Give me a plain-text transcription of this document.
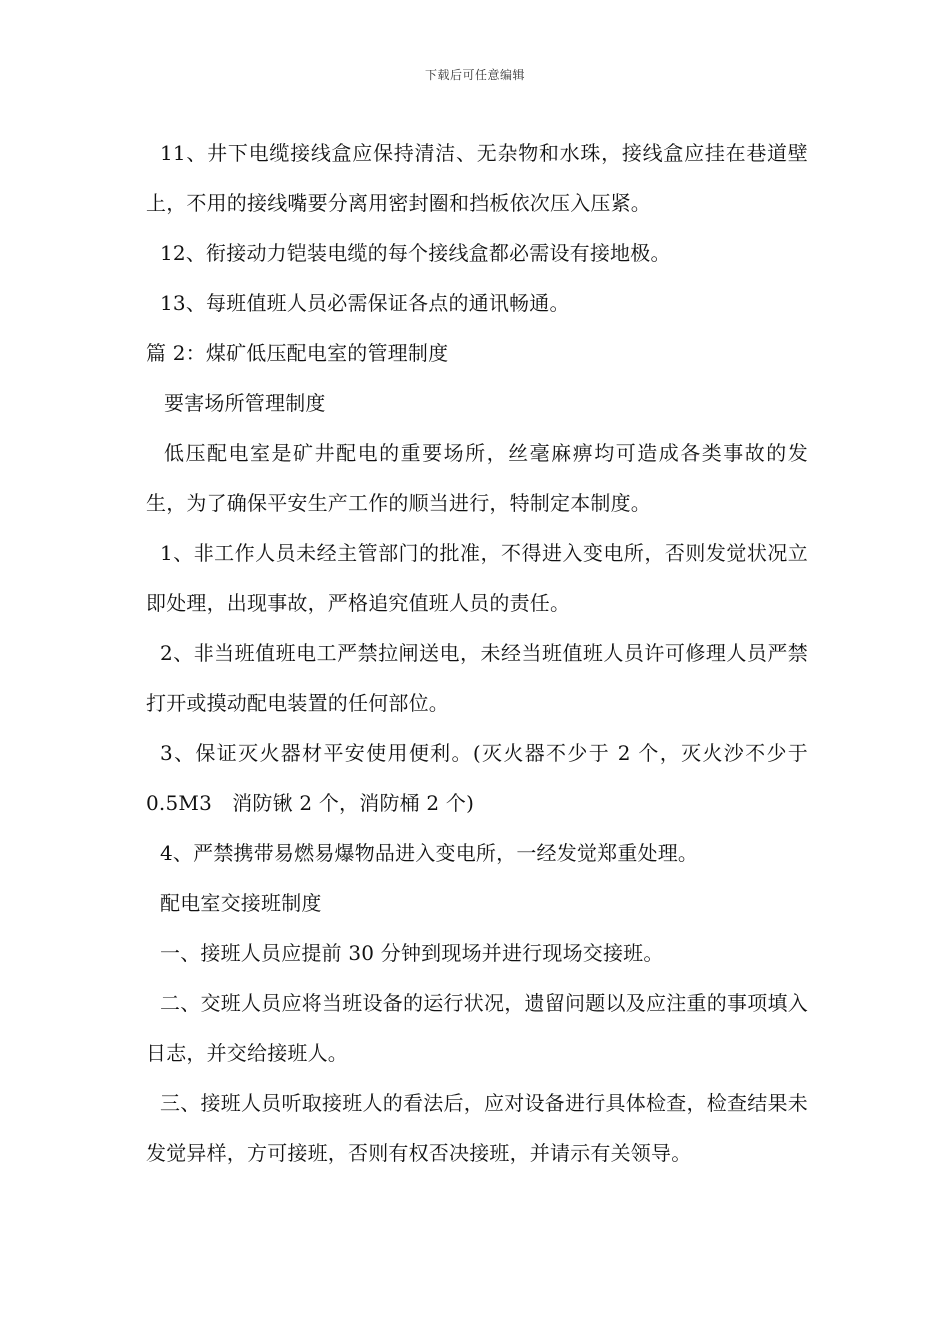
下载后可任意编辑

11、井下电缆接线盒应保持清洁、无杂物和水珠，接线盒应挂在巷道壁上，不用的接线嘴要分离用密封圈和挡板依次压入压紧。

12、衔接动力铠装电缆的每个接线盒都必需设有接地极。

13、每班值班人员必需保证各点的通讯畅通。

篇 2：煤矿低压配电室的管理制度

要害场所管理制度

低压配电室是矿井配电的重要场所，丝毫麻痹均可造成各类事故的发生，为了确保平安生产工作的顺当进行，特制定本制度。

1、非工作人员未经主管部门的批准，不得进入变电所，否则发觉状况立即处理，出现事故，严格追究值班人员的责任。

2、非当班值班电工严禁拉闸送电，未经当班值班人员许可修理人员严禁打开或摸动配电装置的任何部位。

3、保证灭火器材平安使用便利。(灭火器不少于 2 个，灭火沙不少于 0.5M3　消防锹 2 个，消防桶 2 个)

4、严禁携带易燃易爆物品进入变电所，一经发觉郑重处理。

配电室交接班制度

一、接班人员应提前 30 分钟到现场并进行现场交接班。

二、交班人员应将当班设备的运行状况，遗留问题以及应注重的事项填入日志，并交给接班人。

三、接班人员听取接班人的看法后，应对设备进行具体检查，检查结果未发觉异样，方可接班，否则有权否决接班，并请示有关领导。
